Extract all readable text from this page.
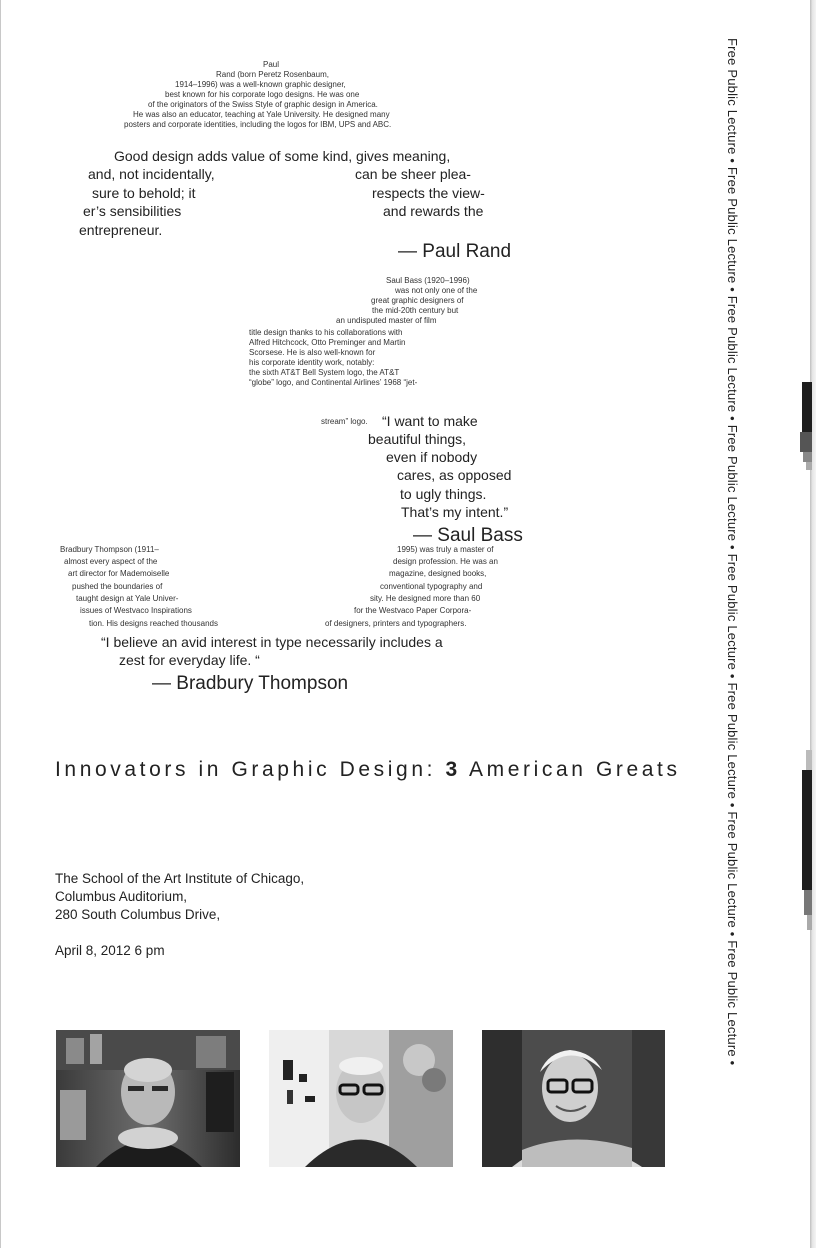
Paul
Rand (born Peretz Rosenbaum,
1914–1996) was a well-known graphic designer,
best known for his corporate logo designs. He was one
of the originators of the Swiss Style of graphic design in America.
He was also an educator, teaching at Yale University. He designed many
posters and corporate identities, including the logos for IBM, UPS and ABC.
Good design adds value of some kind, gives meaning,
and, not incidentally,	can be sheer plea-
sure to behold; it	respects the view-
er’s sensibilities	and rewards the
entrepreneur.
— Paul Rand
Saul Bass (1920–1996)
was not only one of the
great graphic designers of
the mid-20th century but
an undisputed master of film
title design thanks to his collaborations with
Alfred Hitchcock, Otto Preminger and Martin
Scorsese. He is also well-known for
his corporate identity work, notably:
the sixth AT&T Bell System logo, the AT&T
“globe” logo, and Continental Airlines’ 1968 “jet-
stream” logo. “I want to make
beautiful things,
even if nobody
cares, as opposed
to ugly things.
That’s my intent.”
— Saul Bass
Bradbury Thompson (1911–
almost every aspect of the
art director for Mademoiselle
pushed the boundaries of
taught design at Yale Univer-
issues of Westvaco Inspirations
tion. His designs reached thousands
1995) was truly a master of
design profession. He was an
magazine, designed books,
conventional typography and
sity. He designed more than 60
for the Westvaco Paper Corpora-
of designers, printers and typographers.
“I believe an avid interest in type necessarily includes a
zest for everyday life. “
— Bradbury Thompson
Innovators in Graphic Design: 3 American Greats
The School of the Art Institute of Chicago,
Columbus Auditorium,
280 South Columbus Drive,
April 8, 2012 6 pm	Free Public Lecture • Free Public Lecture • Free Public Lecture • Free Public Lecture • Free Public Lecture • Free Public Lecture • Free Public Lecture • Free Public Lecture •
